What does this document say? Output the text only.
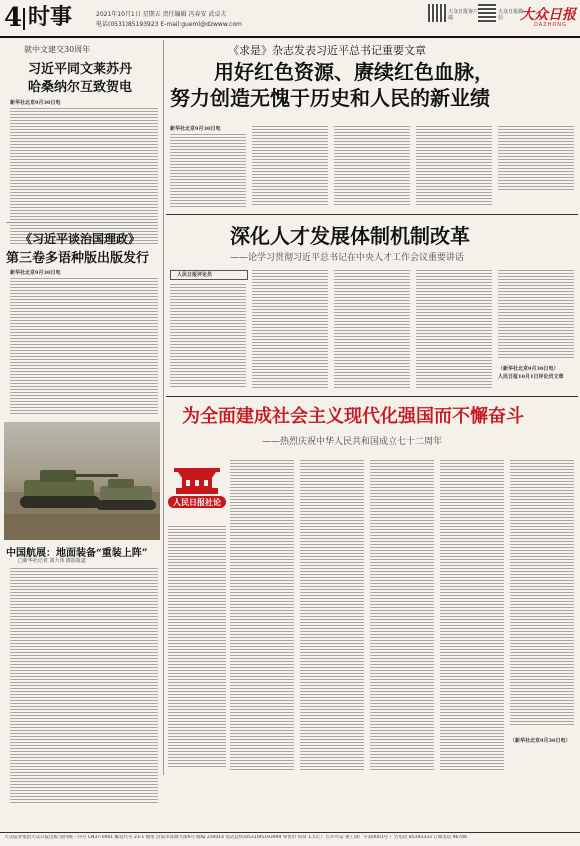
4 时事	2021年10月1日 星期五 责任编辑 冯春安 武卓夫
电话(0531)85193923 E-mail:gueml@dzwww.com
大众日报客户端
大众日报微信	大众日报
DAZHONG
就中文建交30周年
习近平同文莱苏丹
哈桑纳尔互致贺电
新华社北京9月30日电
《习近平谈治国理政》
第三卷多语种版出版发行
新华社北京9月30日电
中国航展：地面装备“重装上阵”
□新华社记者 刘大伟 摄影报道
《求是》杂志发表习近平总书记重要文章
用好红色资源、赓续红色血脉，
努力创造无愧于历史和人民的新业绩
新华社北京9月30日电
深化人才发展体制机制改革
——论学习贯彻习近平总书记在中央人才工作会议重要讲话
人民日报评论员
（新华社北京9月30日电）
人民日报10月1日评论员文章
为全面建成社会主义现代化强国而不懈奋斗
——热烈庆祝中华人民共和国成立七十二周年
人民日报社论
（新华社北京9月30日电）
大众报业集团大众日报出版 国内统一刊号 CN37-0001 邮发代号 23-1 地址 济南市泺源大街6号 邮编 250014 电话总机(0531)85193999 零售价 每份 1.5元 广告许可证 鲁工商广字第0001号 广告电话 85193333 订阅电话 96706
